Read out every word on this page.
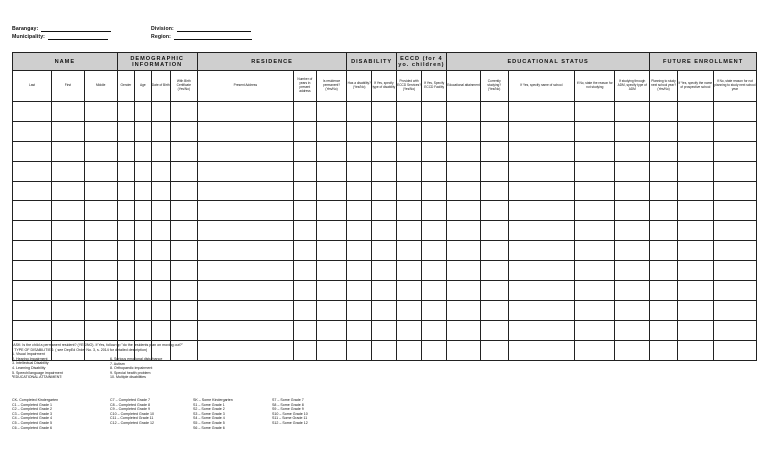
Barangay:
Municipality:
Division:
Region:
NAME			DEMOGRAPHIC INFORMATION				RESIDENCE			DISABILITY		ECCD (for 4 yo. children)		EDUCATIONAL STATUS					FUTURE ENROLLMENT		
Last	First	Middle	Gender	Age	Date of Birth	With Birth Certificate (Yes/No)	Present Address	Number of years in present address	Is residence permanent? (Yes/No)	Has a disability? (Yes/No)	If Yes, specify type of disability	Provided with ECCD Services? (Yes/No)	If Yes, Specify ECCD Facility	Educational attainment	Currently studying? (Yes/No)	If Yes, specify name of school	If No, state the reason for not studying	If studying through ADM, specify type of ADM	Planning to study next school year? (Yes/No)	If Yes, specify the name of prospective school	If No, state reason for not planning to study next school year

¹ASK: Is the child a permanent resident? (YES/NO). If Yes, follow up "do the residents plan on moving out?"
² TYPE OF DISABILITIES: ( see DepEd Order No. 3, s. 2014 for detailed description)
1. Visual Impairment
2. Hearing Impairment
3. Intellectual Disability
4. Learning Disability
5. Speech/language impairment
³EDUCATIONAL ATTAINMENT:
6. Serious emotional disturbance
7. Autism
8. Orthopaedic impairment
9. Special health problem
10. Multiple disabilities
CK- Completed Kindergarten
C1 – Completed Grade 1
C2 – Completed Grade 2
C3 – Completed Grade 3
C4 – Completed Grade 4
C5 – Completed Grade 5
C6 – Completed Grade 6
C7 – Completed Grade 7
C8 – Completed Grade 8
C9 – Completed Grade 9
C10 – Completed Grade 10
C11 – Completed Grade 11
C12 – Completed Grade 12
SK – Some Kindergarten
S1 – Some Grade 1
S2 – Some Grade 2
S3 – Some Grade 3
S4 – Some Grade 4
S5 – Some Grade 5
S6 – Some Grade 6
S7 – Some Grade 7
S8 – Some Grade 8
S9 – Some Grade 9
S10 – Some Grade 10
S11 – Some Grade 11
S12 – Some Grade 12
